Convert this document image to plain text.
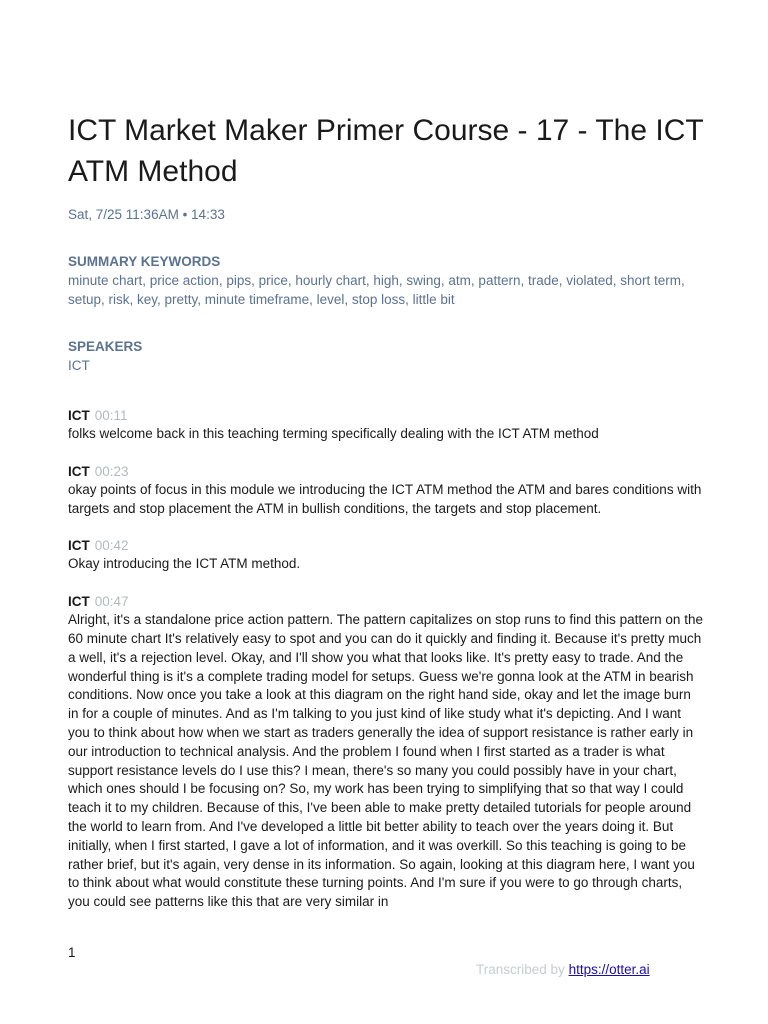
ICT Market Maker Primer Course - 17 - The ICT ATM Method
Sat, 7/25 11:36AM • 14:33
SUMMARY KEYWORDS
minute chart, price action, pips, price, hourly chart, high, swing, atm, pattern, trade, violated, short term, setup, risk, key, pretty, minute timeframe, level, stop loss, little bit
SPEAKERS
ICT
ICT 00:11
folks welcome back in this teaching terming specifically dealing with the ICT ATM method
ICT 00:23
okay points of focus in this module we introducing the ICT ATM method the ATM and bares conditions with targets and stop placement the ATM in bullish conditions, the targets and stop placement.
ICT 00:42
Okay introducing the ICT ATM method.
ICT 00:47
Alright, it's a standalone price action pattern. The pattern capitalizes on stop runs to find this pattern on the 60 minute chart It's relatively easy to spot and you can do it quickly and finding it. Because it's pretty much a well, it's a rejection level. Okay, and I'll show you what that looks like. It's pretty easy to trade. And the wonderful thing is it's a complete trading model for setups. Guess we're gonna look at the ATM in bearish conditions. Now once you take a look at this diagram on the right hand side, okay and let the image burn in for a couple of minutes. And as I'm talking to you just kind of like study what it's depicting. And I want you to think about how when we start as traders generally the idea of support resistance is rather early in our introduction to technical analysis. And the problem I found when I first started as a trader is what support resistance levels do I use this? I mean, there's so many you could possibly have in your chart, which ones should I be focusing on? So, my work has been trying to simplifying that so that way I could teach it to my children. Because of this, I've been able to make pretty detailed tutorials for people around the world to learn from. And I've developed a little bit better ability to teach over the years doing it. But initially, when I first started, I gave a lot of information, and it was overkill. So this teaching is going to be rather brief, but it's again, very dense in its information. So again, looking at this diagram here, I want you to think about what would constitute these turning points. And I'm sure if you were to go through charts, you could see patterns like this that are very similar in
1
Transcribed by https://otter.ai
